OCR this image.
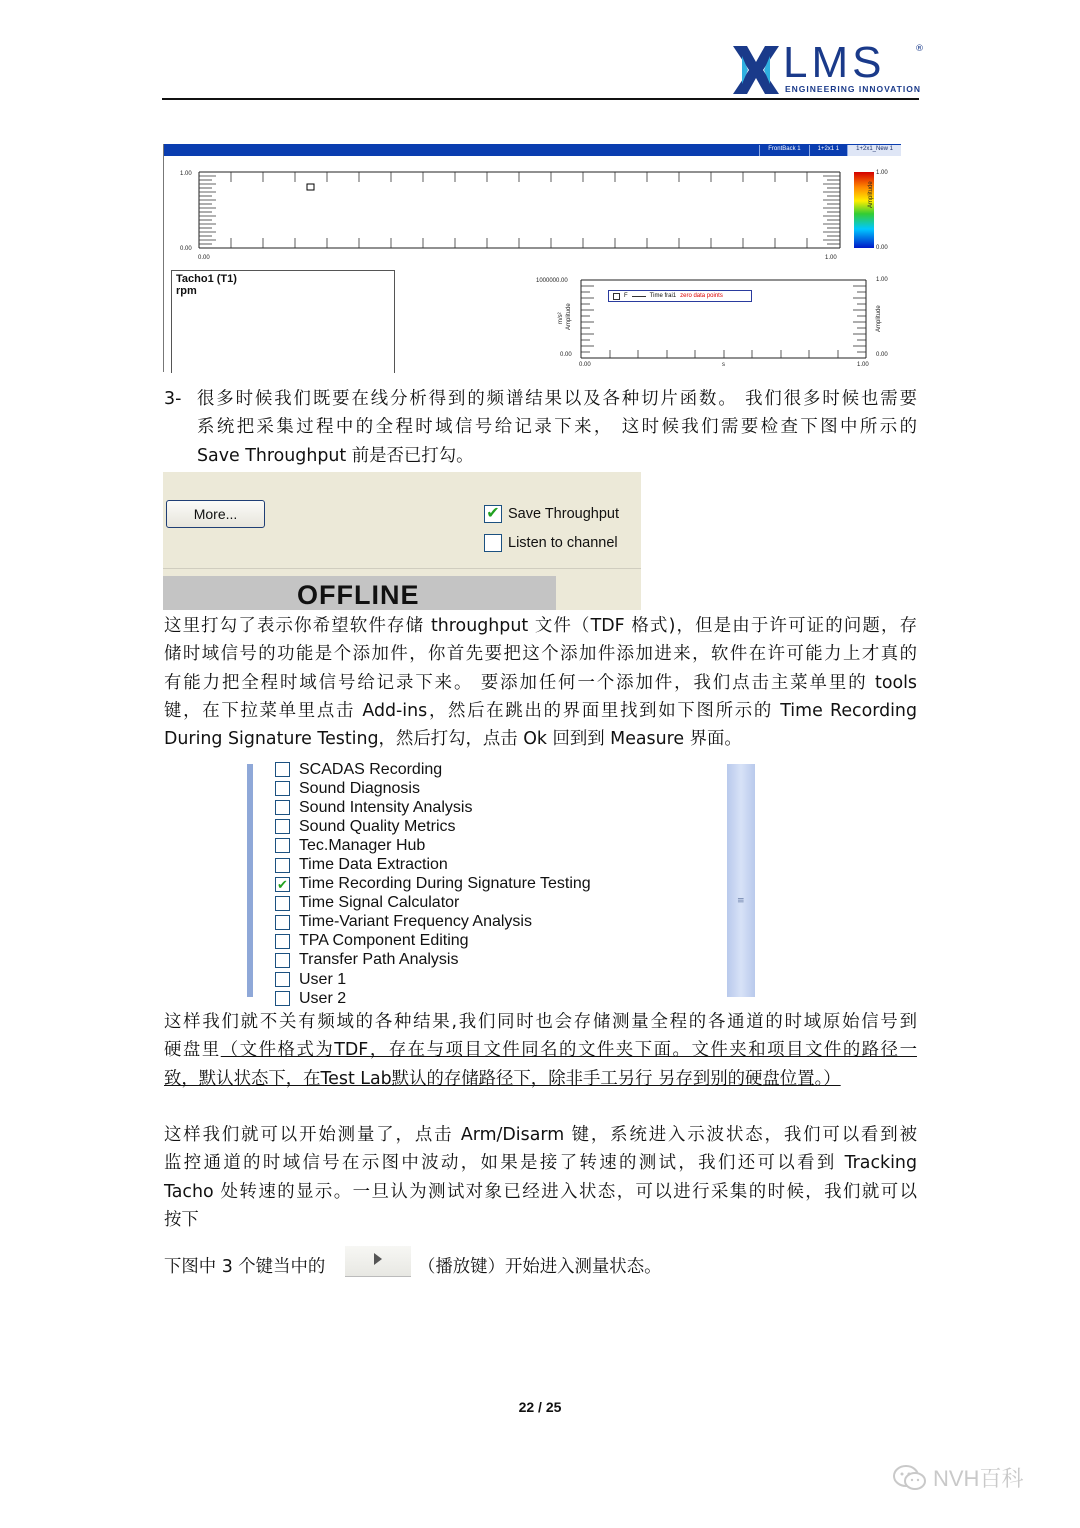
LMS	®
ENGINEERING INNOVATION
FrontBack 1	1+2x1 1	1+2x1_New 1
1.00
0.00
0.00	1.00
1.00
0.00
Amplitude
Tacho1 (T1)
rpm
1000000.00
0.00
Amplitude
m/s²
0.00	s	1.00
1.00
0.00
Amplitude
F	Time frai1 zero data points
3- 很多时候我们既要在线分析得到的频谱结果以及各种切片函数。 我们很多时候也需要
系统把采集过程中的全程时域信号给记录下来， 这时候我们需要检查下图中所示的
Save Throughput 前是否已打勾。
More...	✔ Save Throughput
Listen to channel
OFFLINE
这里打勾了表示你希望软件存储 throughput 文件（TDF 格式)，但是由于许可证的问题，存
储时域信号的功能是个添加件，你首先要把这个添加件添加进来，软件在许可能力上才真的
有能力把全程时域信号给记录下来。 要添加任何一个添加件，我们点击主菜单里的 tools
键，在下拉菜单里点击 Add-ins，然后在跳出的界面里找到如下图所示的 Time Recording
During Signature Testing，然后打勾，点击 Ok 回到到 Measure 界面。
SCADAS Recording
Sound Diagnosis
Sound Intensity Analysis
Sound Quality Metrics
Tec.Manager Hub
Time Data Extraction
✔ Time Recording During Signature Testing
Time Signal Calculator
Time-Variant Frequency Analysis
TPA Component Editing
Transfer Path Analysis
User 1
User 2
≡
这样我们就不关有频域的各种结果,我们同时也会存储测量全程的各通道的时域原始信号到
硬盘里（文件格式为TDF，存在与项目文件同名的文件夹下面。文件夹和项目文件的路径一
致，默认状态下，在Test Lab默认的存储路径下，除非手工另行 另存到别的硬盘位置。）
这样我们就可以开始测量了，点击 Arm/Disarm 键，系统进入示波状态，我们可以看到被
监控通道的时域信号在示图中波动，如果是接了转速的测试，我们还可以看到 Tracking
Tacho 处转速的显示。一旦认为测试对象已经进入状态，可以进行采集的时候，我们就可以
按下
下图中 3 个键当中的	（播放键）开始进入测量状态。
22 / 25
NVH百科
